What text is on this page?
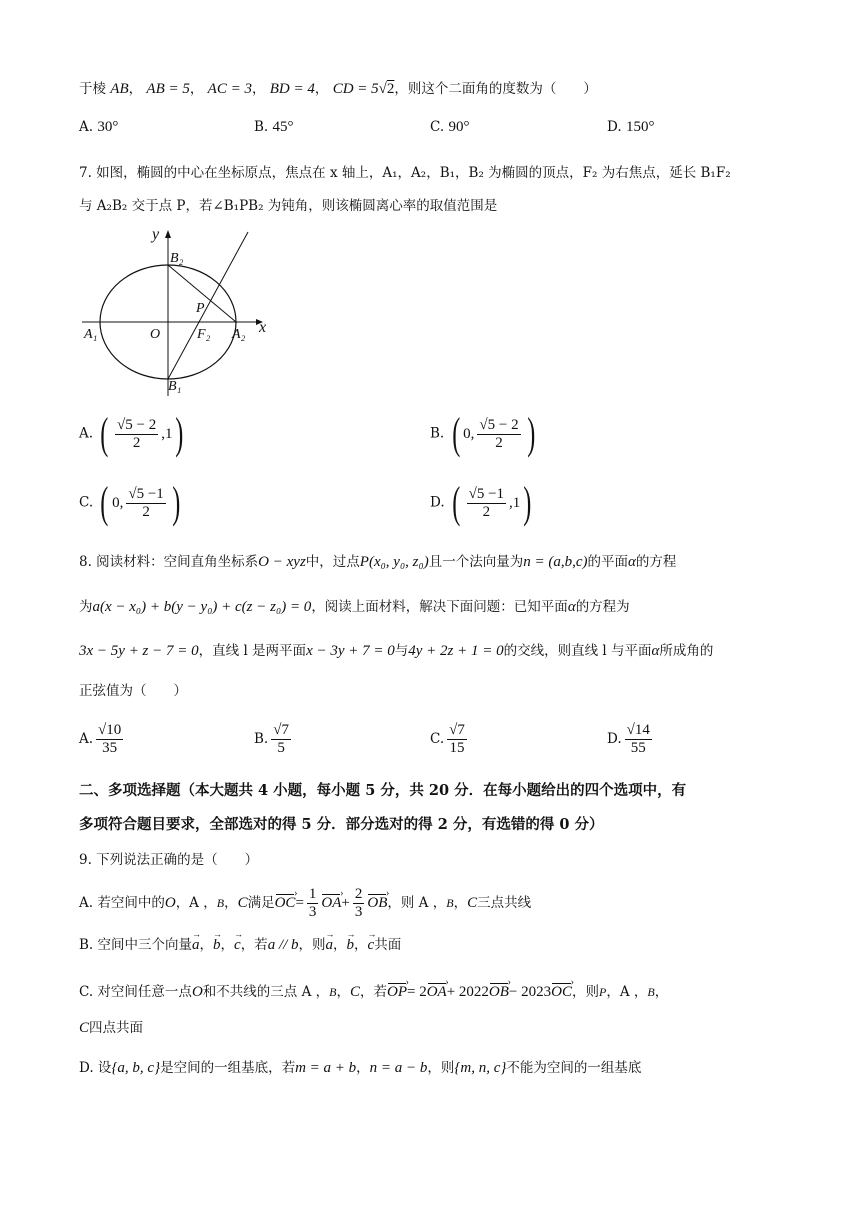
于棱 AB， AB = 5， AC = 3， BD = 4， CD = 5√2，则这个二面角的度数为（　　）
A. 30°	B. 45°	C. 90°	D. 150°
7. 如图，椭圆的中心在坐标原点，焦点在 x 轴上，A₁，A₂，B₁，B₂ 为椭圆的顶点，F₂ 为右焦点，延长 B₁F₂
与 A₂B₂ 交于点 P，若∠B₁PB₂ 为钝角，则该椭圆离心率的取值范围是
y
x
B₂
B₁
A₁	A₂
O	F₂
P
A. ( $\frac{√5 - 2}{2} ,1$ )	B. ( 0, $\frac{√5 - 2}{2}$ )
C. ( 0, $\frac{√5 -1}{2}$ )	D. ( $\frac{√5 -1}{2} ,1$ )
8. 阅读材料：空间直角坐标系O − xyz中，过点P(x₀, y₀, z₀)且一个法向量为n = (a,b,c)的平面α的方程
为a(x − x₀) + b(y − y₀) + c(z − z₀) = 0，阅读上面材料，解决下面问题：已知平面α的方程为
3x − 5y + z − 7 = 0，直线 l 是两平面x − 3y + 7 = 0与4y + 2z + 1 = 0的交线，则直线 l 与平面α所成角的
正弦值为（　　）
A. $\frac{√10}{35}$	B. $\frac{√7}{5}$	C. $\frac{√7}{15}$	D. $\frac{√14}{55}$
二、多项选择题（本大题共 4 小题，每小题 5 分，共 20 分．在每小题给出的四个选项中，有
多项符合题目要求，全部选对的得 5 分．部分选对的得 2 分，有选错的得 0 分）
9. 下列说法正确的是（　　）
A. 若空间中的O，A ，B，C满足OC ›= $\frac{1}{3}$ OA ›+ $\frac{2}{3}$ OB ›，则 A ，B，C三点共线
B. 空间中三个向量→ a，→ b，→ c，若a // b，则→ a，→ b，→ c共面
C. 对空间任意一点O和不共线的三点 A ，B，C，若OP ›= 2OA ›+ 2022OB ›− 2023OC ›，则P，A ，B，
C四点共面
D. 设{a, b, c}是空间的一组基底，若m = a + b，n = a − b，则{m, n, c}不能为空间的一组基底
